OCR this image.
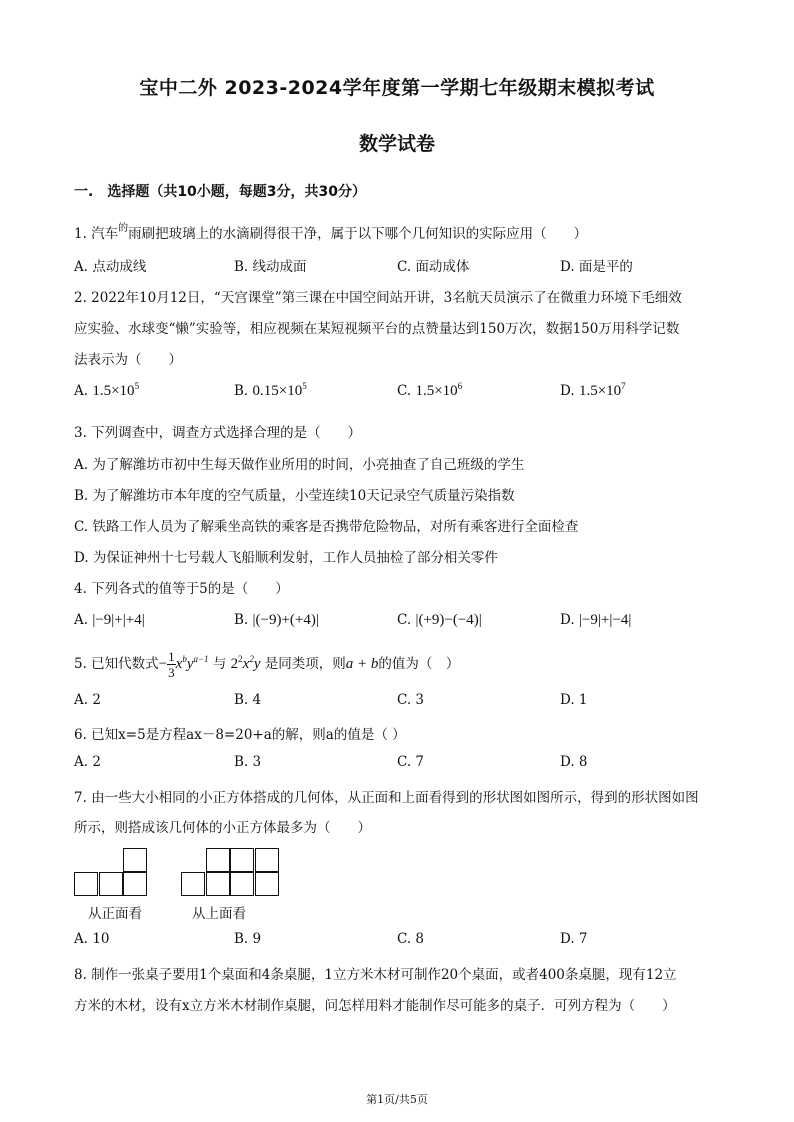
宝中二外 2023-2024学年度第一学期七年级期末模拟考试
数学试卷
一.　选择题（共10小题，每题3分，共30分）
1. 汽车$^的$雨刷把玻璃上的水滴刷得很干净，属于以下哪个几何知识的实际应用（　　）
A. 点动成线	B. 线动成面	C. 面动成体	D. 面是平的
2. 2022年10月12日，“天宫课堂”第三课在中国空间站开讲，3名航天员演示了在微重力环境下毛细效
应实验、水球变“懒”实验等，相应视频在某短视频平台的点赞量达到150万次，数据150万用科学记数
法表示为（　　）
A. $1.5\times 10^5$	B. $0.15\times 10^5$	C. $1.5\times 10^6$	D. $1.5\times 10^7$
3. 下列调查中，调查方式选择合理的是（　　）
A. 为了解潍坊市初中生每天做作业所用的时间，小亮抽查了自己班级的学生
B. 为了解潍坊市本年度的空气质量，小莹连续10天记录空气质量污染指数
C. 铁路工作人员为了解乘坐高铁的乘客是否携带危险物品，对所有乘客进行全面检查
D. 为保证神州十七号载人飞船顺利发射，工作人员抽检了部分相关零件
4. 下列各式的值等于5的是（　　）
A. |−9|+|+4|	B. |(−9)+(+4)|	C. |(+9)−(−4)|	D. |−9|+|−4|
5. 已知代数式− $\frac{1}{3} x^by^{a-1}$ 与 $2^2x^2y$ 是同类项，则a + b的值为（　）
A. 2	B. 4	C. 3	D. 1
6. 已知x=5是方程ax－8=20+a的解，则a的值是（ ）
A. 2	B. 3	C. 7	D. 8
7. 由一些大小相同的小正方体搭成的几何体，从正面和上面看得到的形状图如图所示，得到的形状图如图
所示，则搭成该几何体的小正方体最多为（　　）
从正面看	从上面看
A. 10	B. 9	C. 8	D. 7
8. 制作一张桌子要用1个桌面和4条桌腿，1立方米木材可制作20个桌面，或者400条桌腿，现有12立
方米的木材，设有x立方米木材制作桌腿，问怎样用料才能制作尽可能多的桌子．可列方程为（　　）
第1页/共5页
